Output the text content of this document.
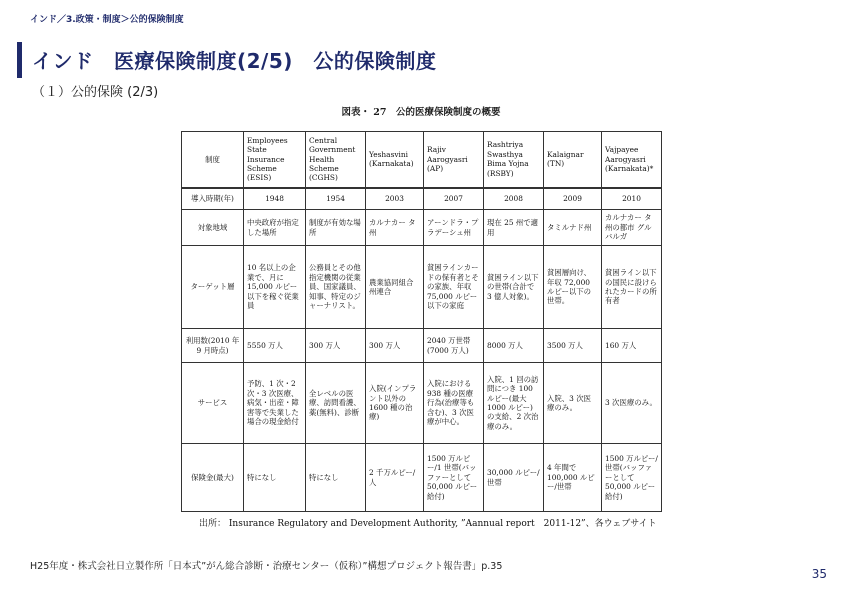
インド／3.政策・制度＞公的保険制度
インド　医療保険制度(2/5)　公的保険制度
（１）公的保険 (2/3)
図表・ 27　公的医療保険制度の概要
制度	Employees State Insurance Scheme (ESIS)	Central Government Health Scheme (CGHS)	Yeshasvini (Karnakata)	Rajiv Aarogyasri (AP)	Rashtriya Swasthya Bima Yojna (RSBY)	Kalaignar (TN)	Vajpayee Aarogyasri (Karnakata)*
導入時期(年)	1948	1954	2003	2007	2008	2009	2010
対象地域	中央政府が指定した場所	制度が有効な場所	カルナカー タ州	アーンドラ・プラデーシュ州	現在 25 州で適用	タミルナド州	カルナカー タ州の都市 グルバルガ
ターゲット層	10 名以上の企業で、月に 15,000 ルピー以下を稼ぐ従業員	公務員とその他指定機関の従業員、国家議員、知事、特定のジャーナリスト。	農業協同組合州連合	貧困ラインカードの保有者とその家族、年収 75,000 ルピー以下の家庭	貧困ライン以下の世帯(合計で 3 億人対象)。	貧困層向け、年収 72,000 ルピー以下の世帯。	貧困ライン以下の国民に設けられたカードの所有者
利用数(2010 年 9 月時点)	5550 万人	300 万人	300 万人	2040 万世帯(7000 万人)	8000 万人	3500 万人	160 万人
サービス	予防、1 次・2 次・3 次医療、病気・出産・障害等で失業した場合の現金給付	全レベルの医療、訪問看護、薬(無料)、診断	入院(インプラント以外の 1600 種の治療)	入院における 938 種の医療行為(治療等も含む)、3 次医療が中心。	入院、1 回の訪問につき 100 ルピー(最大 1000 ルピー)の支給、2 次治療のみ。	入院、3 次医療のみ。	3 次医療のみ。
保険金(最大)	特になし	特になし	2 千万ルピー/人	1500 万ルピー/1 世帯(バッファーとして 50,000 ルピー給付)	30,000 ルピー/世帯	4 年間で 100,000 ルピー/世帯	1500 万ルピー/世帯(バッファーとして 50,000 ルピー給付)
出所： Insurance Regulatory and Development Authority, ”Aannual report　2011-12”、各ウェブサイト
H25年度・株式会社日立製作所「日本式”がん総合診断・治療センター（仮称）”構想プロジェクト報告書」p.35
35
